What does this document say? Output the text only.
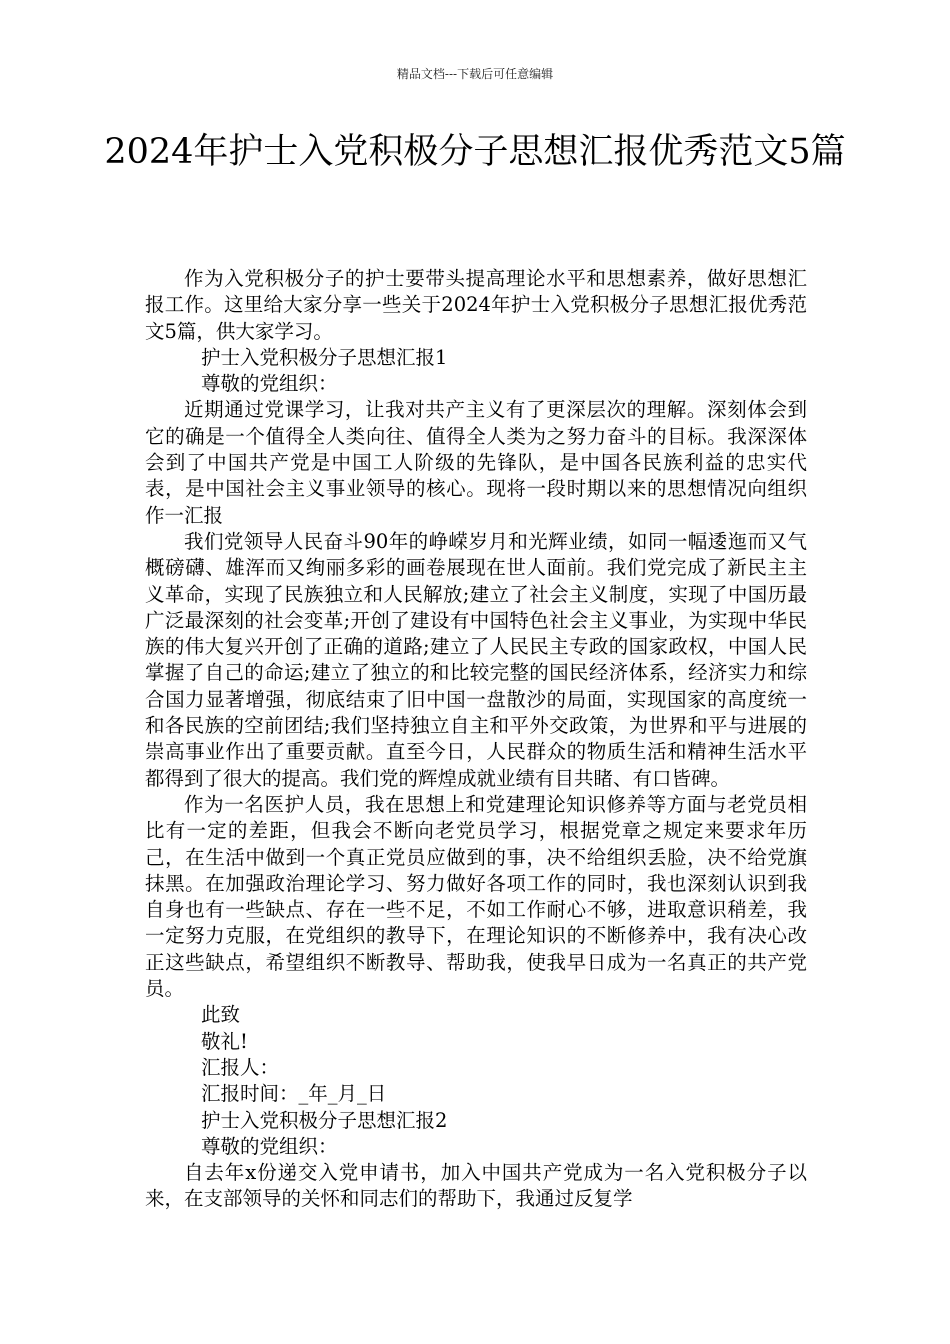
精品文档---下载后可任意编辑
2024年护士入党积极分子思想汇报优秀范文5篇

作为入党积极分子的护士要带头提高理论水平和思想素养，做好思想汇报工作。这里给大家分享一些关于2024年护士入党积极分子思想汇报优秀范文5篇，供大家学习。

护士入党积极分子思想汇报1

尊敬的党组织：

近期通过党课学习，让我对共产主义有了更深层次的理解。深刻体会到它的确是一个值得全人类向往、值得全人类为之努力奋斗的目标。我深深体会到了中国共产党是中国工人阶级的先锋队，是中国各民族利益的忠实代表，是中国社会主义事业领导的核心。现将一段时期以来的思想情况向组织作一汇报

我们党领导人民奋斗90年的峥嵘岁月和光辉业绩，如同一幅逶迤而又气概磅礴、雄浑而又绚丽多彩的画卷展现在世人面前。我们党完成了新民主主义革命，实现了民族独立和人民解放;建立了社会主义制度，实现了中国历最广泛最深刻的社会变革;开创了建设有中国特色社会主义事业，为实现中华民族的伟大复兴开创了正确的道路;建立了人民民主专政的国家政权，中国人民掌握了自己的命运;建立了独立的和比较完整的国民经济体系，经济实力和综合国力显著增强，彻底结束了旧中国一盘散沙的局面，实现国家的高度统一和各民族的空前团结;我们坚持独立自主和平外交政策，为世界和平与进展的崇高事业作出了重要贡献。直至今日，人民群众的物质生活和精神生活水平都得到了很大的提高。我们党的辉煌成就业绩有目共睹、有口皆碑。

作为一名医护人员，我在思想上和党建理论知识修养等方面与老党员相比有一定的差距，但我会不断向老党员学习，根据党章之规定来要求年历己，在生活中做到一个真正党员应做到的事，决不给组织丢脸，决不给党旗抹黑。在加强政治理论学习、努力做好各项工作的同时，我也深刻认识到我自身也有一些缺点、存在一些不足，不如工作耐心不够，进取意识稍差，我一定努力克服，在党组织的教导下，在理论知识的不断修养中，我有决心改正这些缺点，希望组织不断教导、帮助我，使我早日成为一名真正的共产党员。

此致

敬礼!

汇报人：

汇报时间：_年_月_日

护士入党积极分子思想汇报2

尊敬的党组织：

自去年x份递交入党申请书，加入中国共产党成为一名入党积极分子以来，在支部领导的关怀和同志们的帮助下，我通过反复学
